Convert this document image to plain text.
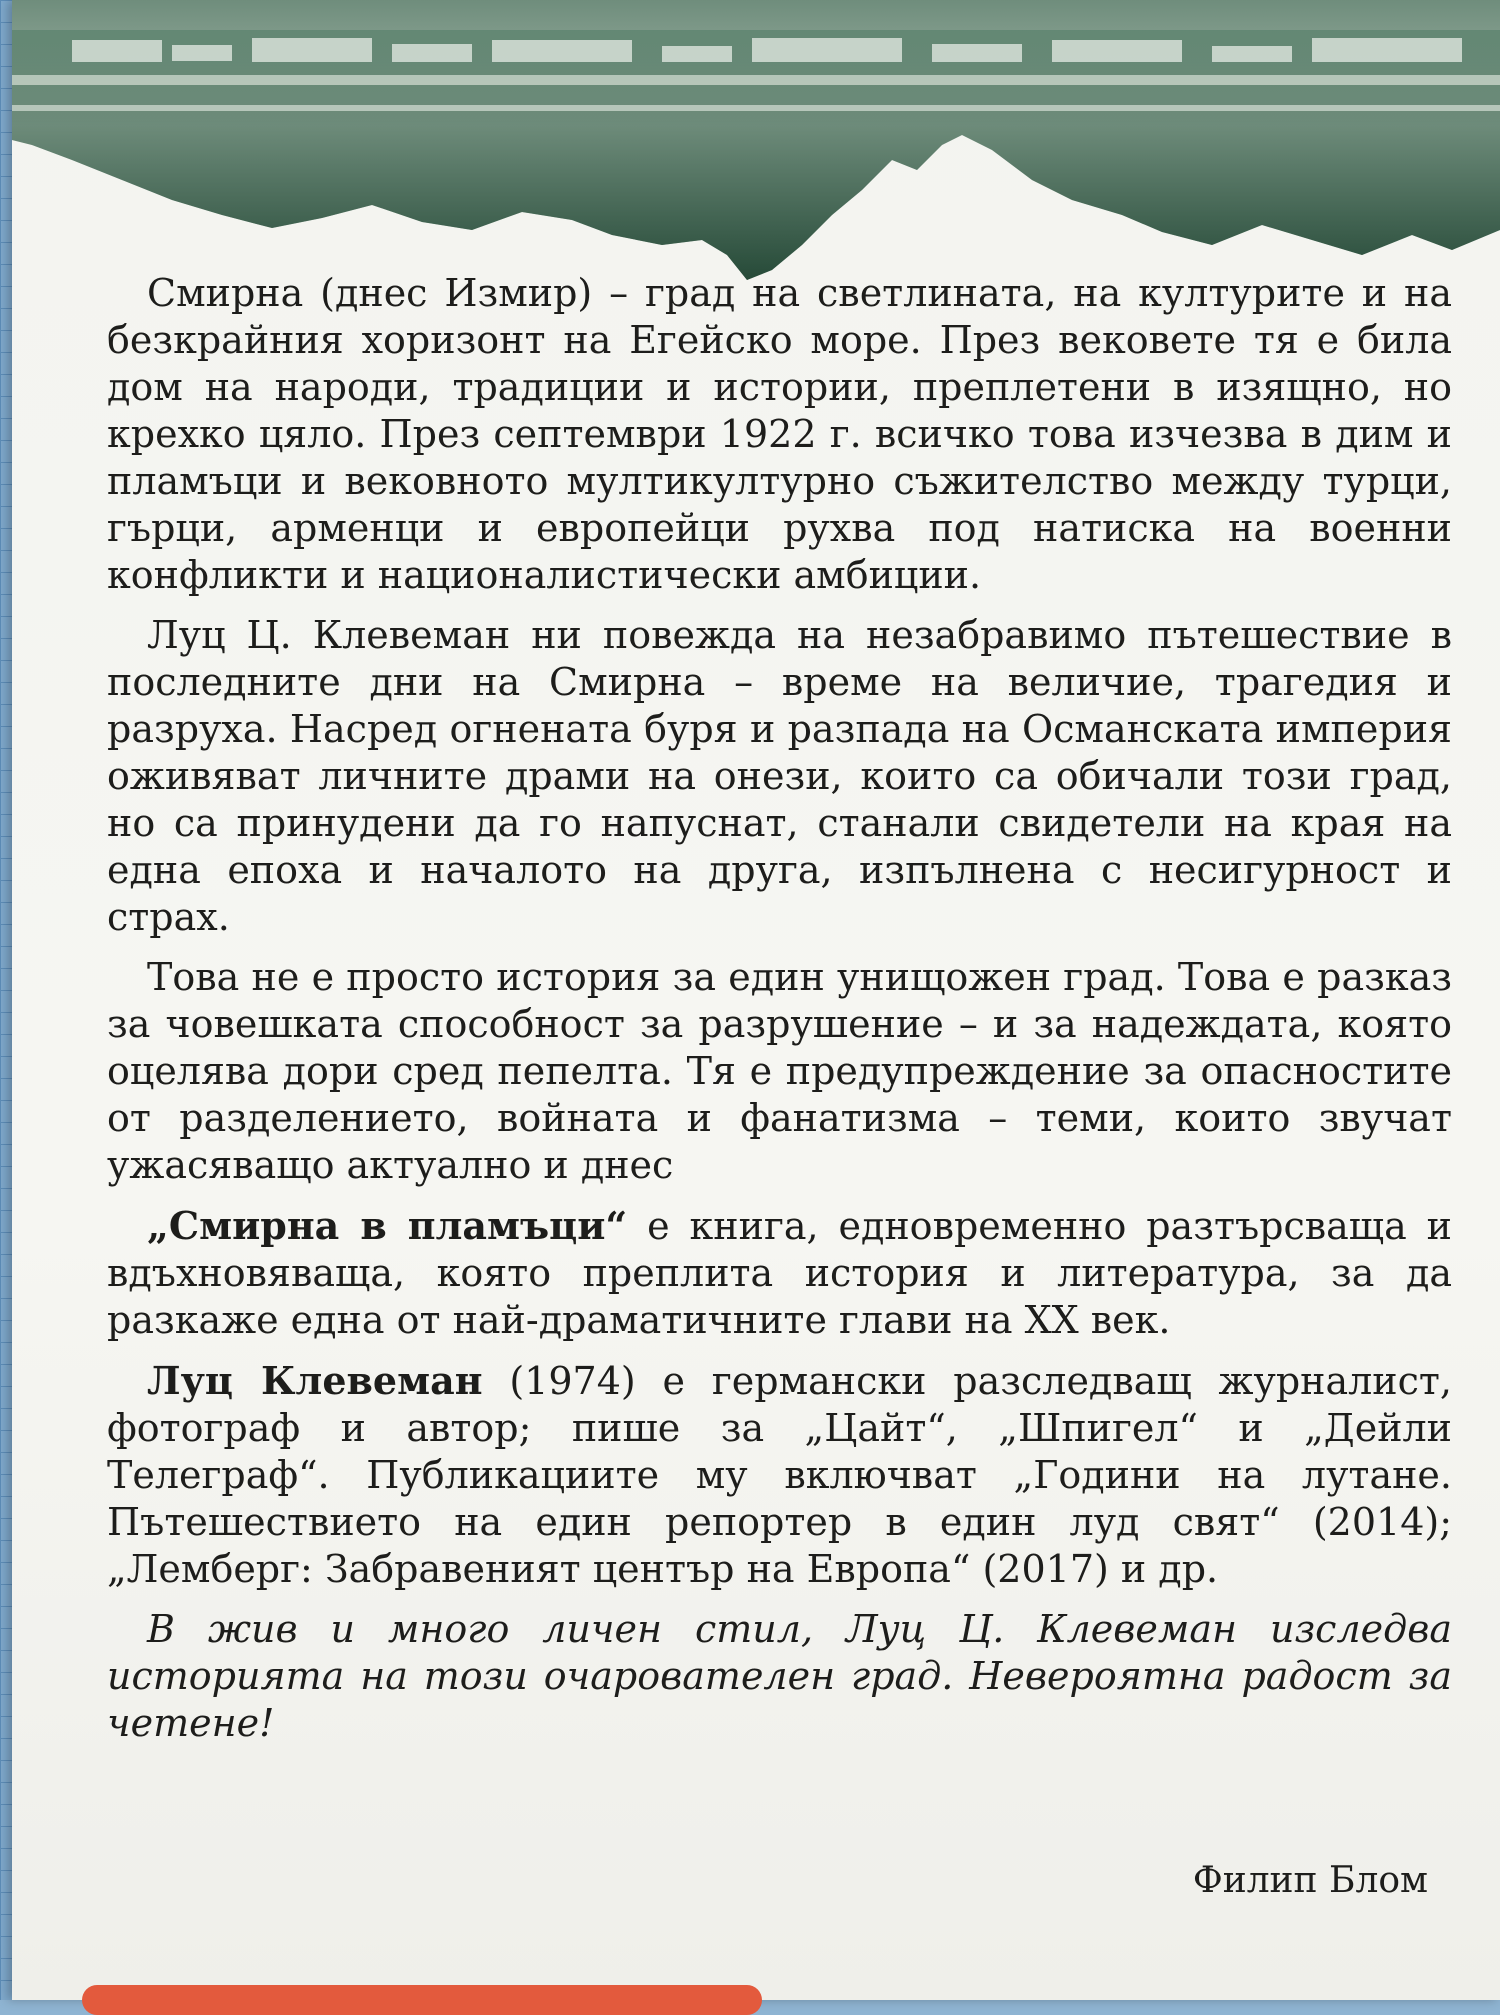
Смирна (днес Измир) – град на светлината, на културите и на безкрайния хоризонт на Егейско море. През вековете тя е била дом на народи, традиции и истории, преплетени в изящно, но крехко цяло. През септември 1922 г. всичко това изчезва в дим и пламъци и вековното мултикултурно съжителство между турци, гърци, арменци и европейци рухва под натиска на военни конфликти и националистически амбиции.

Луц Ц. Клевеман ни повежда на незабравимо пътешествие в последните дни на Смирна – време на величие, трагедия и разруха. Насред огнената буря и разпада на Османската империя оживяват личните драми на онези, които са обичали този град, но са принудени да го напуснат, станали свидетели на края на една епоха и началото на друга, изпълнена с несигурност и страх.

Това не е просто история за един унищожен град. Това е разказ за човешката способност за разрушение – и за надеждата, която оцелява дори сред пепелта. Тя е предупреждение за опасностите от разделението, войната и фанатизма – теми, които звучат ужасяващо актуално и днес

„Смирна в пламъци“ е книга, едновременно разтърсваща и вдъхновяваща, която преплита история и литература, за да разкаже една от най-драматичните глави на XX век.

Луц Клевеман (1974) е германски разследващ журналист, фотограф и автор; пише за „Цайт“, „Шпигел“ и „Дейли Телеграф“. Публикациите му включват „Години на лутане. Пътешествието на един репортер в един луд свят“ (2014); „Лемберг: Забравеният център на Европа“ (2017) и др.

В жив и много личен стил, Луц Ц. Клевеман изследва историята на този очарователен град. Невероятна радост за четене!

Филип Блом
